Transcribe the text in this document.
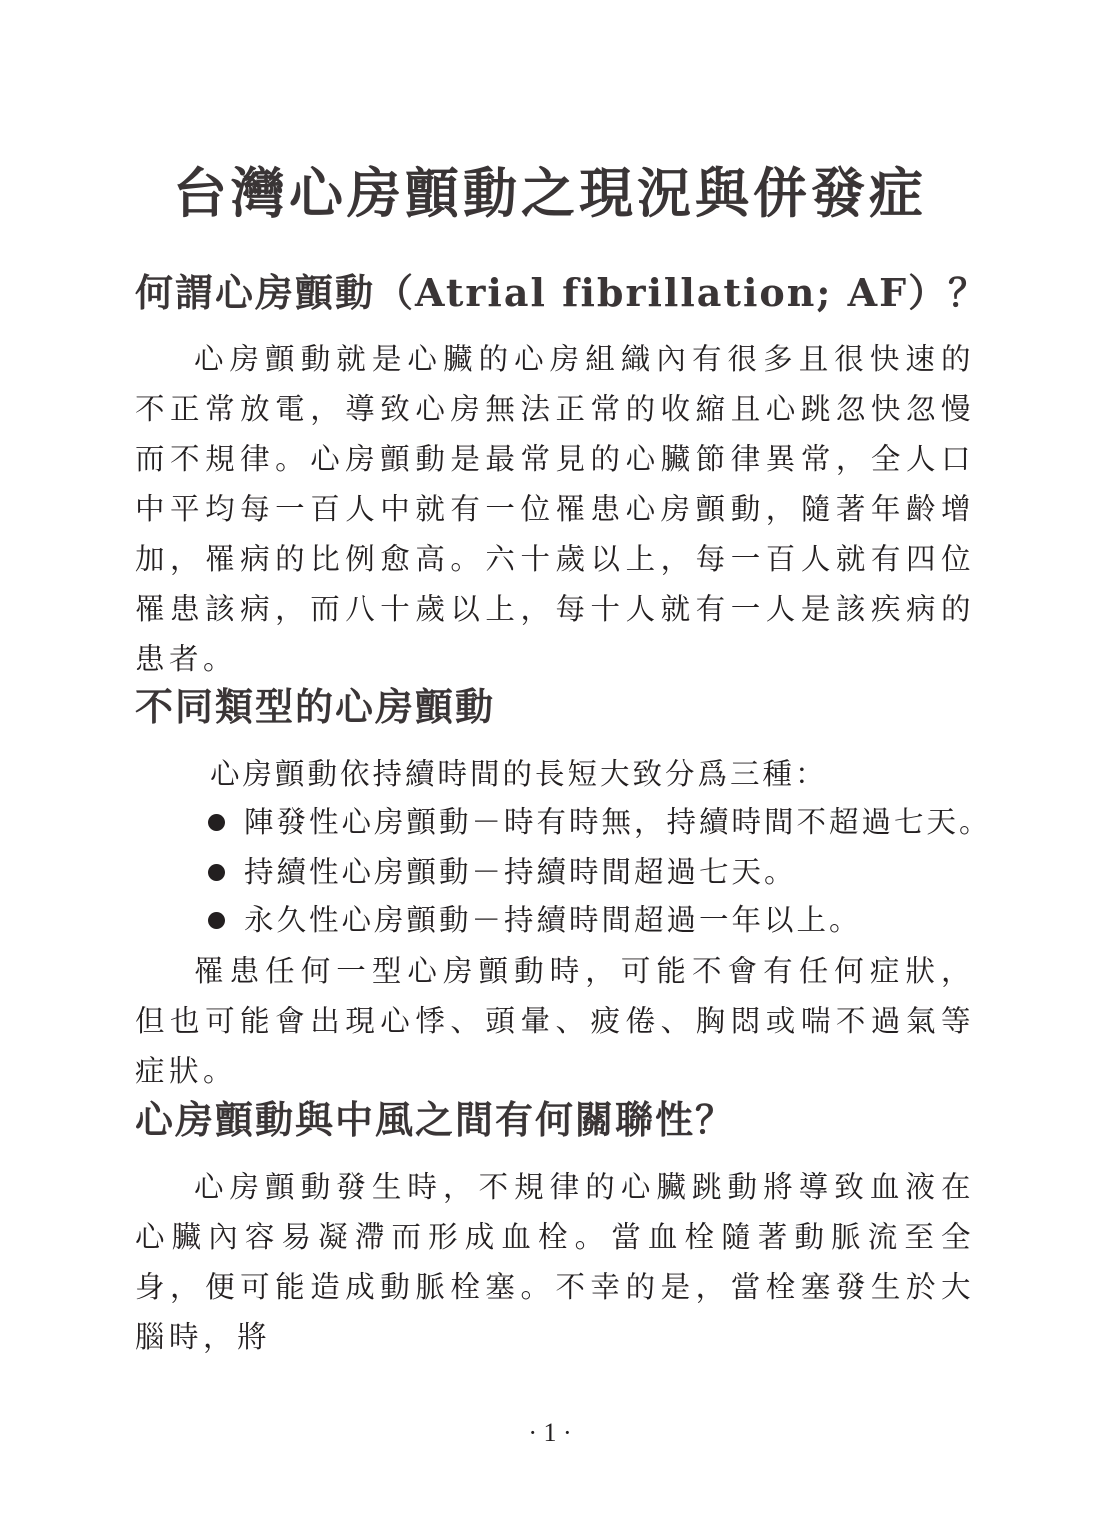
台灣心房顫動之現況與併發症
何謂心房顫動（Atrial fibrillation; AF）？

心房顫動就是心臟的心房組織內有很多且很快速的不正常放電，導致心房無法正常的收縮且心跳忽快忽慢而不規律。心房顫動是最常見的心臟節律異常，全人口中平均每一百人中就有一位罹患心房顫動，隨著年齡增加，罹病的比例愈高。六十歲以上，每一百人就有四位罹患該病，而八十歲以上，每十人就有一人是該疾病的患者。

不同類型的心房顫動

心房顫動依持續時間的長短大致分爲三種：

陣發性心房顫動－時有時無，持續時間不超過七天。
持續性心房顫動－持續時間超過七天。
永久性心房顫動－持續時間超過一年以上。

罹患任何一型心房顫動時，可能不會有任何症狀，但也可能會出現心悸、頭暈、疲倦、胸悶或喘不過氣等症狀。

心房顫動與中風之間有何關聯性？

心房顫動發生時，不規律的心臟跳動將導致血液在心臟內容易凝滯而形成血栓。當血栓隨著動脈流至全身，便可能造成動脈栓塞。不幸的是，當栓塞發生於大腦時，將

· 1 ·
